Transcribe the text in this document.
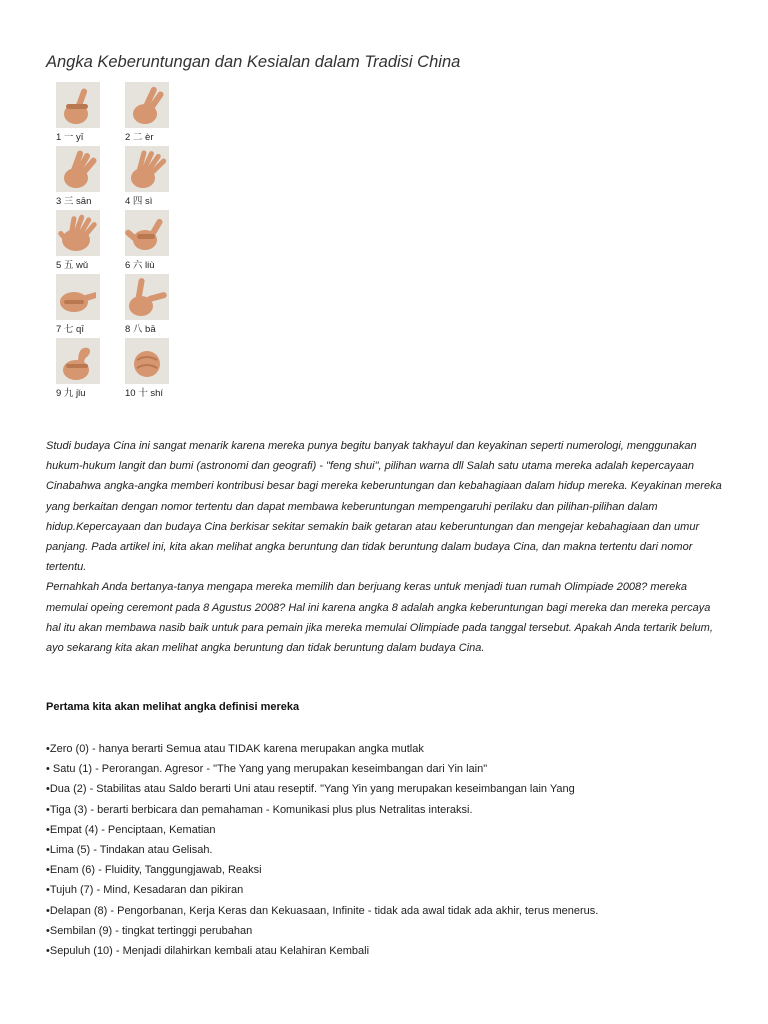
Angka Keberuntungan dan Kesialan dalam Tradisi China
1 一 yī	2 二 èr
3 三 sān	4 四 sì
5 五 wǔ	6 六 liù
7 七 qī	8 八 bā
9 九 jǐu	10 十 shí

Studi budaya Cina ini sangat menarik karena mereka punya begitu banyak takhayul dan keyakinan seperti numerologi, menggunakan hukum-hukum langit dan bumi (astronomi dan geografi) - "feng shui", pilihan warna dll Salah satu utama mereka adalah kepercayaan Cinabahwa angka-angka memberi kontribusi besar bagi mereka keberuntungan dan kebahagiaan dalam hidup mereka. Keyakinan mereka yang berkaitan dengan nomor tertentu dan dapat membawa keberuntungan mempengaruhi perilaku dan pilihan-pilihan dalam hidup.Kepercayaan dan budaya Cina berkisar sekitar semakin baik getaran atau keberuntungan dan mengejar kebahagiaan dan umur panjang. Pada artikel ini, kita akan melihat angka beruntung dan tidak beruntung dalam budaya Cina, dan makna tertentu dari nomor tertentu.

Pernahkah Anda bertanya-tanya mengapa mereka memilih dan berjuang keras untuk menjadi tuan rumah Olimpiade 2008? mereka memulai opeing ceremont pada 8 Agustus 2008? Hal ini karena angka 8 adalah angka keberuntungan bagi mereka dan mereka percaya hal itu akan membawa nasib baik untuk para pemain jika mereka memulai Olimpiade pada tanggal tersebut. Apakah Anda tertarik belum, ayo sekarang kita akan melihat angka beruntung dan tidak beruntung dalam budaya Cina.

Pertama kita akan melihat angka definisi mereka
•Zero (0) - hanya berarti Semua atau TIDAK karena merupakan angka mutlak
• Satu (1) - Perorangan. Agresor - "The Yang yang merupakan keseimbangan dari Yin lain"
•Dua (2) - Stabilitas atau Saldo berarti Uni atau reseptif. "Yang Yin yang merupakan keseimbangan lain Yang
•Tiga (3) - berarti berbicara dan pemahaman - Komunikasi plus plus Netralitas interaksi.
•Empat (4) - Penciptaan, Kematian
•Lima (5) - Tindakan atau Gelisah.
•Enam (6) - Fluidity, Tanggungjawab, Reaksi
•Tujuh (7) - Mind, Kesadaran dan pikiran
•Delapan (8) - Pengorbanan, Kerja Keras dan Kekuasaan, Infinite - tidak ada awal tidak ada akhir, terus menerus.
•Sembilan (9) - tingkat tertinggi perubahan
•Sepuluh (10) - Menjadi dilahirkan kembali atau Kelahiran Kembali
